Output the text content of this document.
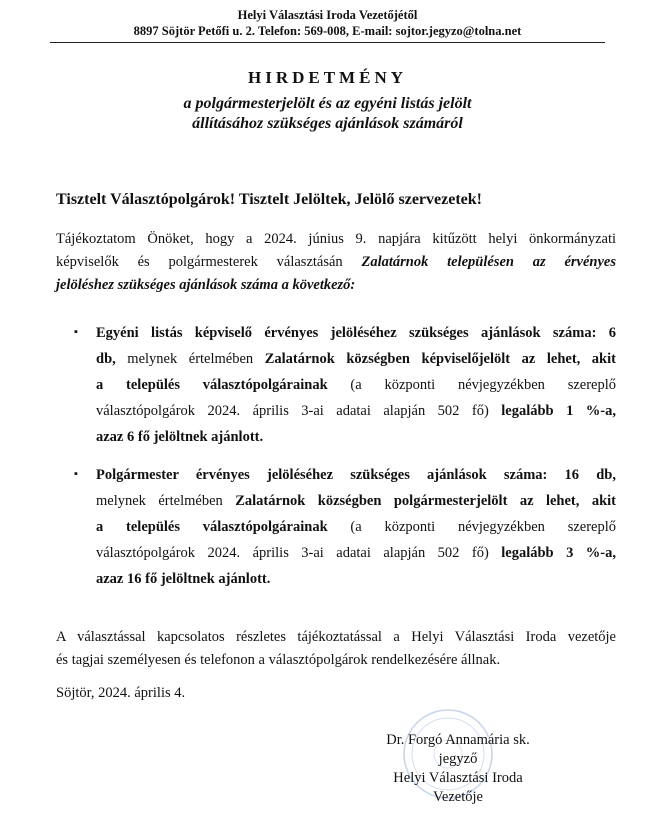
Helyi Választási Iroda Vezetőjétől
8897 Söjtör Petőfi u. 2. Telefon: 569-008, E-mail: sojtor.jegyzo@tolna.net
HIRDETMÉNY
a polgármesterjelölt és az egyéni listás jelölt
állításához szükséges ajánlások számáról
Tisztelt Választópolgárok! Tisztelt Jelöltek, Jelölő szervezetek!
Tájékoztatom Önöket, hogy a 2024. június 9. napjára kitűzött helyi önkormányzati
képviselők és polgármesterek választásán Zalatárnok településen az érvényes
jelöléshez szükséges ajánlások száma a következő:
▪	Egyéni listás képviselő érvényes jelöléséhez szükséges ajánlások száma: 6
db, melynek értelmében Zalatárnok községben képviselőjelölt az lehet, akit
a település választópolgárainak (a központi névjegyzékben szereplő
választópolgárok 2024. április 3-ai adatai alapján 502 fő) legalább 1 %-a,
azaz 6 fő jelöltnek ajánlott.
▪	Polgármester érvényes jelöléséhez szükséges ajánlások száma: 16 db,
melynek értelmében Zalatárnok községben polgármesterjelölt az lehet, akit
a település választópolgárainak (a központi névjegyzékben szereplő
választópolgárok 2024. április 3-ai adatai alapján 502 fő) legalább 3 %-a,
azaz 16 fő jelöltnek ajánlott.
A választással kapcsolatos részletes tájékoztatással a Helyi Választási Iroda vezetője
és tagjai személyesen és telefonon a választópolgárok rendelkezésére állnak.
Söjtör, 2024. április 4.
Dr. Forgó Annamária sk.
jegyző
Helyi Választási Iroda
Vezetője
